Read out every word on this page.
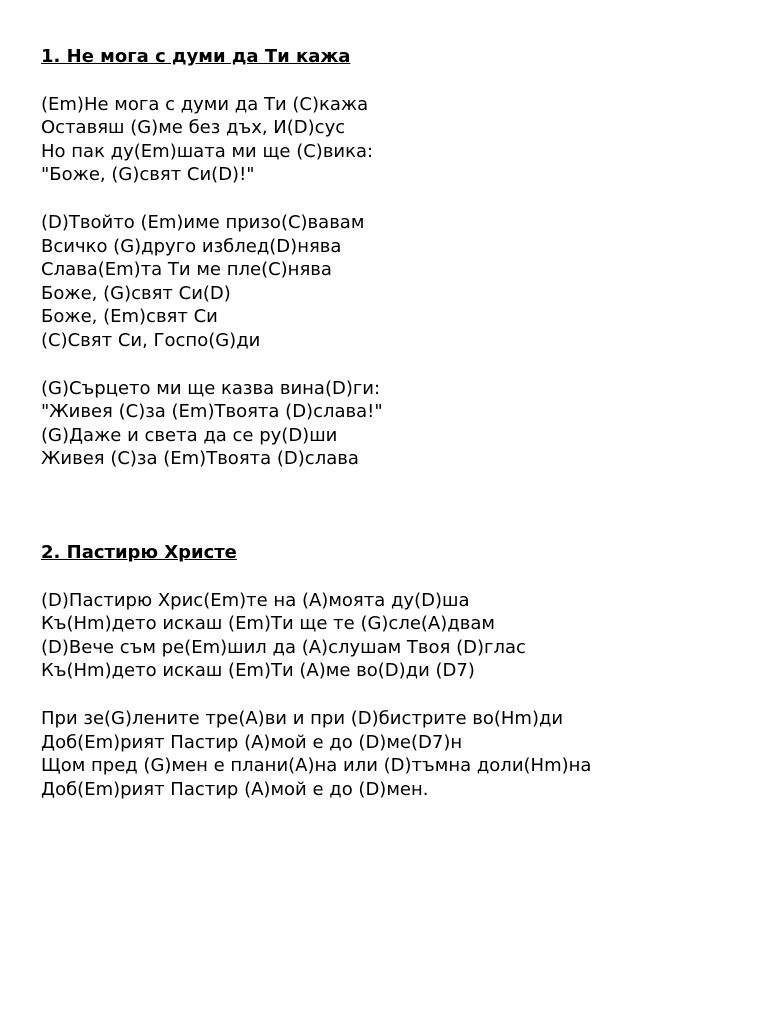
1. Не мога с думи да Ти кажа
(Em)Не мога с думи да Ти (C)кажа
Оставяш (G)ме без дъх, И(D)сус
Но пак ду(Em)шата ми ще (C)вика:
"Боже, (G)свят Си(D)!"
(D)Твойто (Em)име призо(C)вавам
Всичко (G)друго изблед(D)нява
Слава(Em)та Ти ме пле(C)нява
Боже, (G)свят Си(D)
Боже, (Em)свят Си
(C)Свят Си, Госпо(G)ди
(G)Сърцето ми ще казва вина(D)ги:
"Живея (C)за (Em)Твоята (D)слава!"
(G)Даже и света да се ру(D)ши
Живея (C)за (Em)Твоята (D)слава
2. Пастирю Христе
(D)Пастирю Хрис(Em)те на (A)моята ду(D)ша
Къ(Hm)дето искаш (Em)Ти ще те (G)сле(A)двам
(D)Вече съм ре(Em)шил да (A)слушам Твоя (D)глас
Къ(Hm)дето искаш (Em)Ти (A)ме во(D)ди (D7)
При зе(G)лените тре(A)ви и при (D)бистрите во(Hm)ди
Доб(Em)рият Пастир (A)мой е до (D)ме(D7)н
Щом пред (G)мен е плани(A)на или (D)тъмна доли(Hm)на
Доб(Em)рият Пастир (A)мой е до (D)мен.
